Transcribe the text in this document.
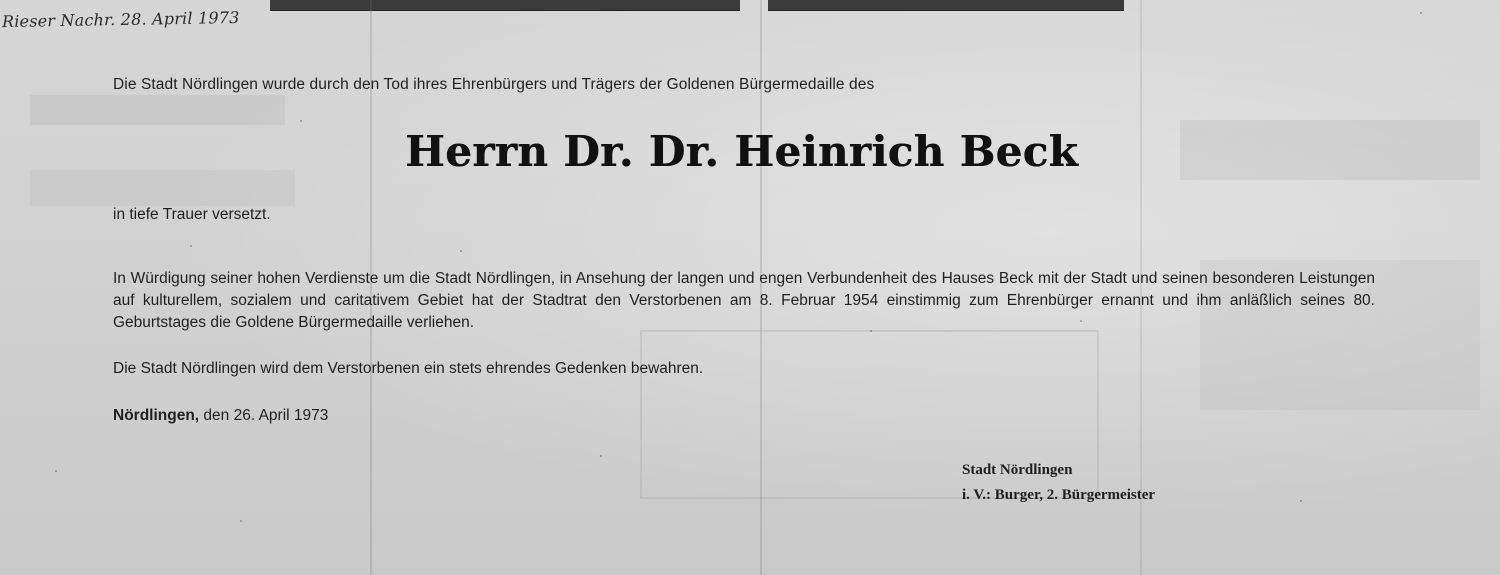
Rieser Nachr. 28. April 1973
Die Stadt Nördlingen wurde durch den Tod ihres Ehrenbürgers und Trägers der Goldenen Bürgermedaille des
Herrn Dr. Dr. Heinrich Beck
in tiefe Trauer versetzt.
In Würdigung seiner hohen Verdienste um die Stadt Nördlingen, in Ansehung der langen und engen Verbundenheit des Hauses Beck mit der Stadt und seinen besonderen Leistungen auf kulturellem, sozialem und caritativem Gebiet hat der Stadtrat den Verstorbenen am 8. Februar 1954 einstimmig zum Ehrenbürger ernannt und ihm anläßlich seines 80. Geburtstages die Goldene Bürgermedaille verliehen.
Die Stadt Nördlingen wird dem Verstorbenen ein stets ehrendes Gedenken bewahren.
Nördlingen, den 26. April 1973
Stadt Nördlingen
i. V.: Burger, 2. Bürgermeister
